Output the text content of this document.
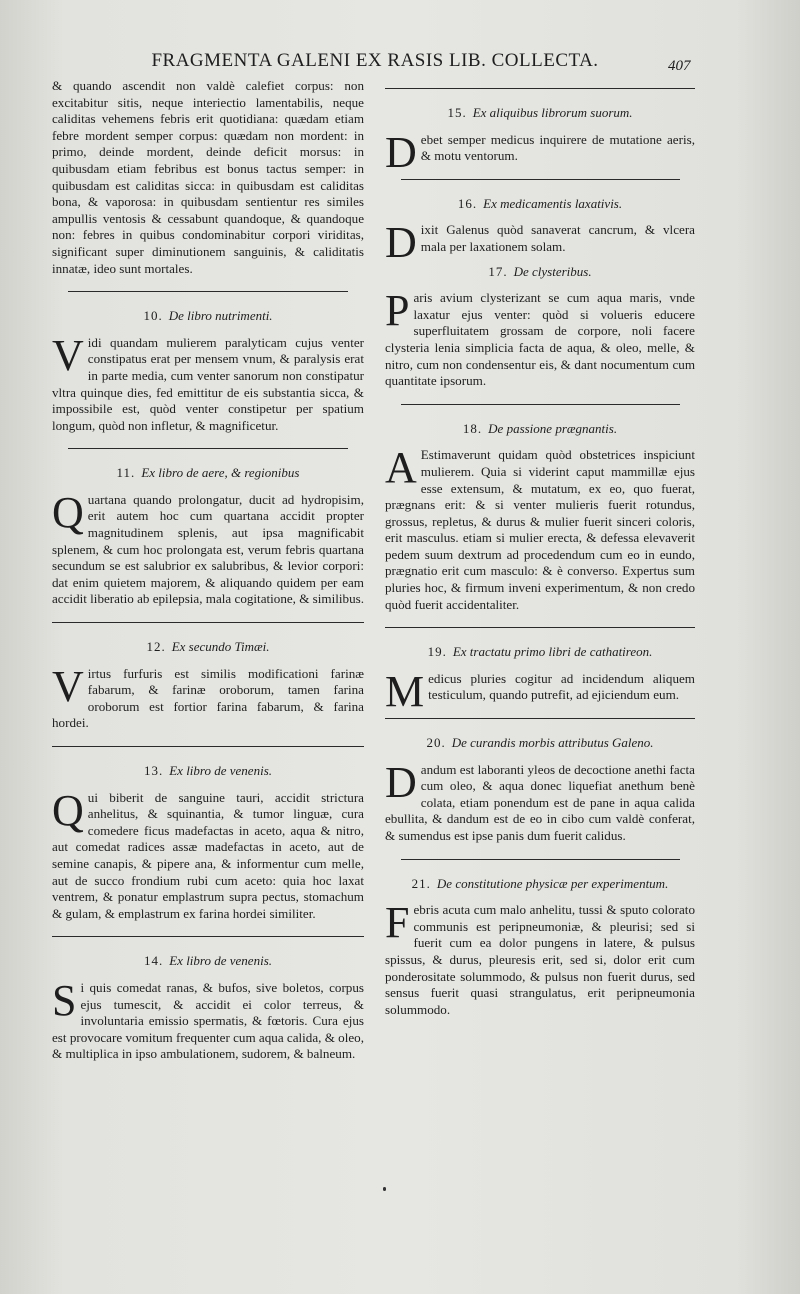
FRAGMENTA GALENI EX RASIS LIB. COLLECTA.	407

& quando ascendit non valdè calefiet corpus: non excitabitur sitis, neque interiectio lamentabilis, neque caliditas vehemens febris erit quotidiana: quædam etiam febre mordent semper corpus: quædam non mordent: in primo, deinde mordent, deinde deficit morsus: in quibusdam etiam febribus est bonus tactus semper: in quibusdam est caliditas sicca: in quibusdam est caliditas bona, & vaporosa: in quibusdam sentientur res similes ampullis ventosis & cessabunt quandoque, & quandoque non: febres in quibus condominabitur corpori viriditas, significant super diminutionem sanguinis, & caliditatis innatæ, ideo sunt mortales.

10. De libro nutrimenti.

Vidi quandam mulierem paralyticam cujus venter constipatus erat per mensem vnum, & paralysis erat in parte media, cum venter sanorum non constipatur vltra quinque dies, fed emittitur de eis substantia sicca, & impossibile est, quòd venter constipetur per spatium longum, quòd non infletur, & magnificetur.

11. Ex libro de aere, & regionibus

Quartana quando prolongatur, ducit ad hydropisim, erit autem hoc cum quartana accidit propter magnitudinem splenis, aut ipsa magnificabit splenem, & cum hoc prolongata est, verum febris quartana secundum se est salubrior ex salubribus, & levior corpori: dat enim quietem majorem, & aliquando quidem per eam accidit liberatio ab epilepsia, mala cogitatione, & similibus.

12. Ex secundo Timæi.

Virtus furfuris est similis modificationi farinæ fabarum, & farinæ oroborum, tamen farina oroborum est fortior farina fabarum, & farina hordei.

13. Ex libro de venenis.

Qui biberit de sanguine tauri, accidit strictura anhelitus, & squinantia, & tumor linguæ, cura comedere ficus madefactas in aceto, aqua & nitro, aut comedat radices assæ madefactas in aceto, aut de semine canapis, & pipere ana, & informentur cum melle, aut de succo frondium rubi cum aceto: quia hoc laxat ventrem, & ponatur emplastrum supra pectus, stomachum & gulam, & emplastrum ex farina hordei similiter.

14. Ex libro de venenis.

Si quis comedat ranas, & bufos, sive boletos, corpus ejus tumescit, & accidit ei color terreus, & involuntaria emissio spermatis, & fœtoris. Cura ejus est provocare vomitum frequenter cum aqua calida, & oleo, & multiplica in ipso ambulationem, sudorem, & balneum.

15. Ex aliquibus librorum suorum.

Debet semper medicus inquirere de mutatione aeris, & motu ventorum.

16. Ex medicamentis laxativis.

Dixit Galenus quòd sanaverat cancrum, & vlcera mala per laxationem solam.

17. De clysteribus.

Paris avium clysterizant se cum aqua maris, vnde laxatur ejus venter: quòd si volueris educere superfluitatem grossam de corpore, noli facere clysteria lenia simplicia facta de aqua, & oleo, melle, & nitro, cum non condensentur eis, & dant nocumentum cum quantitate ipsorum.

18. De passione prægnantis.

A Estimaverunt quidam quòd obstetrices inspiciunt mulierem. Quia si viderint caput mammillæ ejus esse extensum, & mutatum, ex eo, quo fuerat, prægnans erit: & si venter mulieris fuerit rotundus, grossus, repletus, & durus & mulier fuerit sinceri coloris, erit masculus. etiam si mulier erecta, & defessa elevaverit pedem suum dextrum ad procedendum cum eo in eundo, prægnatio erit cum masculo: & è converso. Expertus sum pluries hoc, & firmum inveni experimentum, & non credo quòd fuerit accidentaliter.

19. Ex tractatu primo libri de cathatireon.

Medicus pluries cogitur ad incidendum aliquem testiculum, quando putrefit, ad ejiciendum eum.

20. De curandis morbis attributus Galeno.

Dandum est laboranti yleos de decoctione anethi facta cum oleo, & aqua donec liquefiat anethum benè colata, etiam ponendum est de pane in aqua calida ebullita, & dandum est de eo in cibo cum valdè conferat, & sumendus est ipse panis dum fuerit calidus.

21. De constitutione physicæ per experimentum.

Febris acuta cum malo anhelitu, tussi & sputo colorato communis est peripneumoniæ, & pleurisi; sed si fuerit cum ea dolor pungens in latere, & pulsus spissus, & durus, pleuresis erit, sed si, dolor erit cum ponderositate solummodo, & pulsus non fuerit durus, sed sensus fuerit quasi strangulatus, erit peripneumonia solummodo.
